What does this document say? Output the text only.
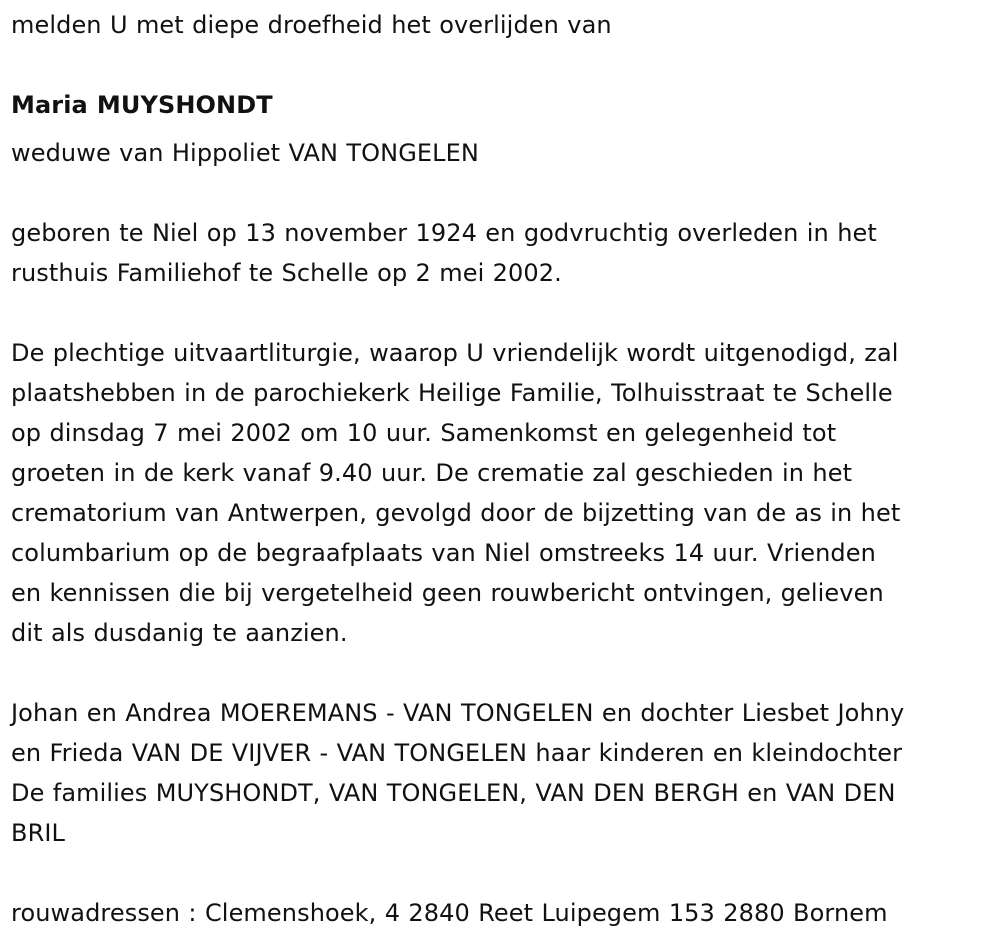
melden U met diepe droefheid het overlijden van
Maria MUYSHONDT
weduwe van Hippoliet VAN TONGELEN
geboren te Niel op 13 november 1924 en godvruchtig overleden in het
rusthuis Familiehof te Schelle op 2 mei 2002.
De plechtige uitvaartliturgie, waarop U vriendelijk wordt uitgenodigd, zal
plaatshebben in de parochiekerk Heilige Familie, Tolhuisstraat te Schelle
op dinsdag 7 mei 2002 om 10 uur. Samenkomst en gelegenheid tot
groeten in de kerk vanaf 9.40 uur. De crematie zal geschieden in het
crematorium van Antwerpen, gevolgd door de bijzetting van de as in het
columbarium op de begraafplaats van Niel omstreeks 14 uur. Vrienden
en kennissen die bij vergetelheid geen rouwbericht ontvingen, gelieven
dit als dusdanig te aanzien.
Johan en Andrea MOEREMANS - VAN TONGELEN en dochter Liesbet Johny
en Frieda VAN DE VIJVER - VAN TONGELEN haar kinderen en kleindochter
De families MUYSHONDT, VAN TONGELEN, VAN DEN BERGH en VAN DEN
BRIL
rouwadressen : Clemenshoek, 4 2840 Reet Luipegem 153 2880 Bornem
